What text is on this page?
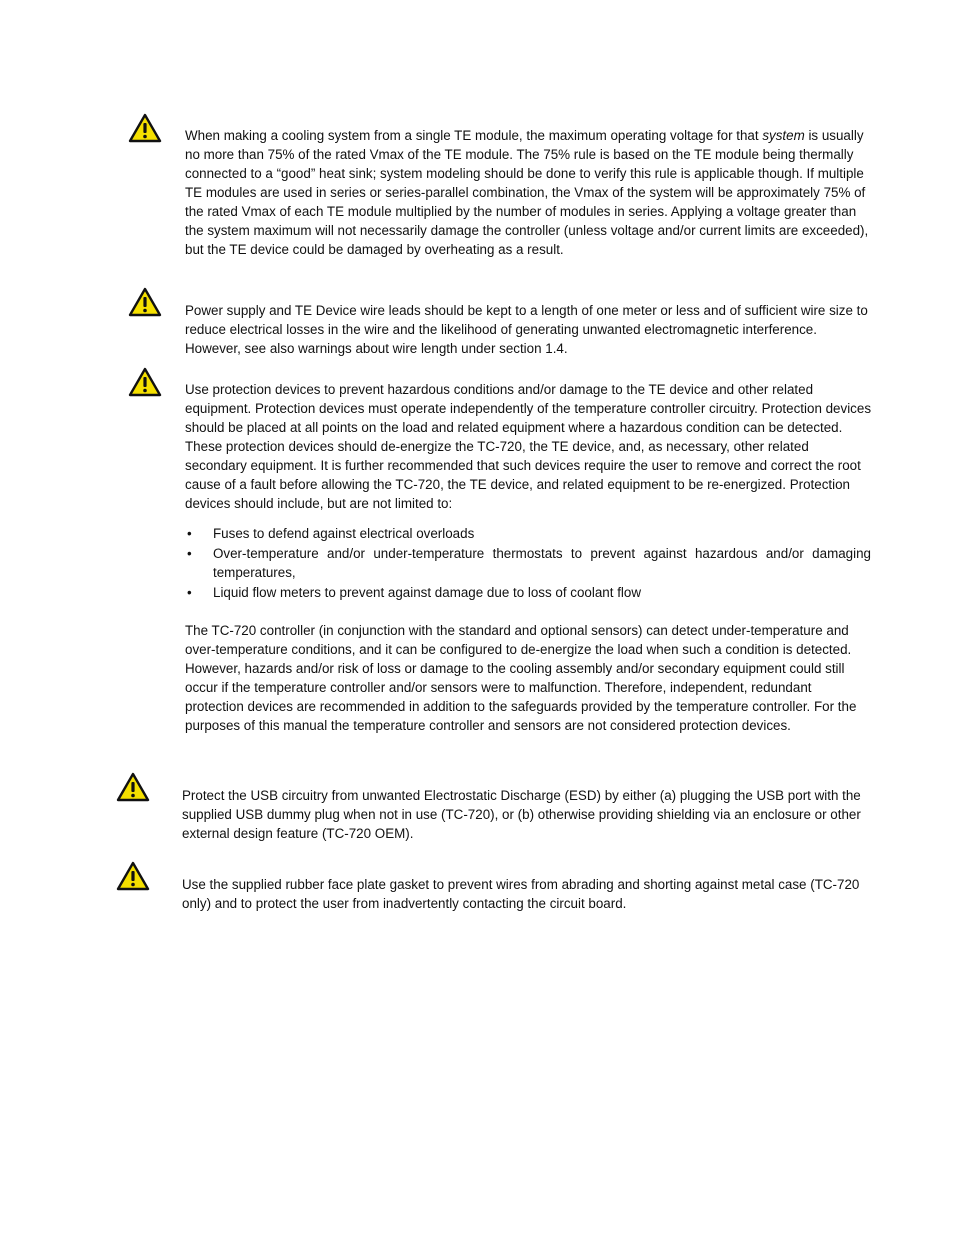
When making a cooling system from a single TE module, the maximum operating voltage for that system is usually no more than 75% of the rated Vmax of the TE module. The 75% rule is based on the TE module being thermally connected to a “good” heat sink; system modeling should be done to verify this rule is applicable though. If multiple TE modules are used in series or series-parallel combination, the Vmax of the system will be approximately 75% of the rated Vmax of each TE module multiplied by the number of modules in series. Applying a voltage greater than the system maximum will not necessarily damage the controller (unless voltage and/or current limits are exceeded), but the TE device could be damaged by overheating as a result.

Power supply and TE Device wire leads should be kept to a length of one meter or less and of sufficient wire size to reduce electrical losses in the wire and the likelihood of generating unwanted electromagnetic interference. However, see also warnings about wire length under section 1.4.

Use protection devices to prevent hazardous conditions and/or damage to the TE device and other related equipment. Protection devices must operate independently of the temperature controller circuitry. Protection devices should be placed at all points on the load and related equipment where a hazardous condition can be detected. These protection devices should de-energize the TC-720, the TE device, and, as necessary, other related secondary equipment. It is further recommended that such devices require the user to remove and correct the root cause of a fault before allowing the TC-720, the TE device, and related equipment to be re-energized. Protection devices should include, but are not limited to:

• Fuses to defend against electrical overloads
• Over-temperature and/or under-temperature thermostats to prevent against hazardous and/or damaging temperatures,
• Liquid flow meters to prevent against damage due to loss of coolant flow

The TC-720 controller (in conjunction with the standard and optional sensors) can detect under-temperature and over-temperature conditions, and it can be configured to de-energize the load when such a condition is detected. However, hazards and/or risk of loss or damage to the cooling assembly and/or secondary equipment could still occur if the temperature controller and/or sensors were to malfunction. Therefore, independent, redundant protection devices are recommended in addition to the safeguards provided by the temperature controller. For the purposes of this manual the temperature controller and sensors are not considered protection devices.

Protect the USB circuitry from unwanted Electrostatic Discharge (ESD) by either (a) plugging the USB port with the supplied USB dummy plug when not in use (TC-720), or (b) otherwise providing shielding via an enclosure or other external design feature (TC-720 OEM).

Use the supplied rubber face plate gasket to prevent wires from abrading and shorting against metal case (TC-720 only) and to protect the user from inadvertently contacting the circuit board.
